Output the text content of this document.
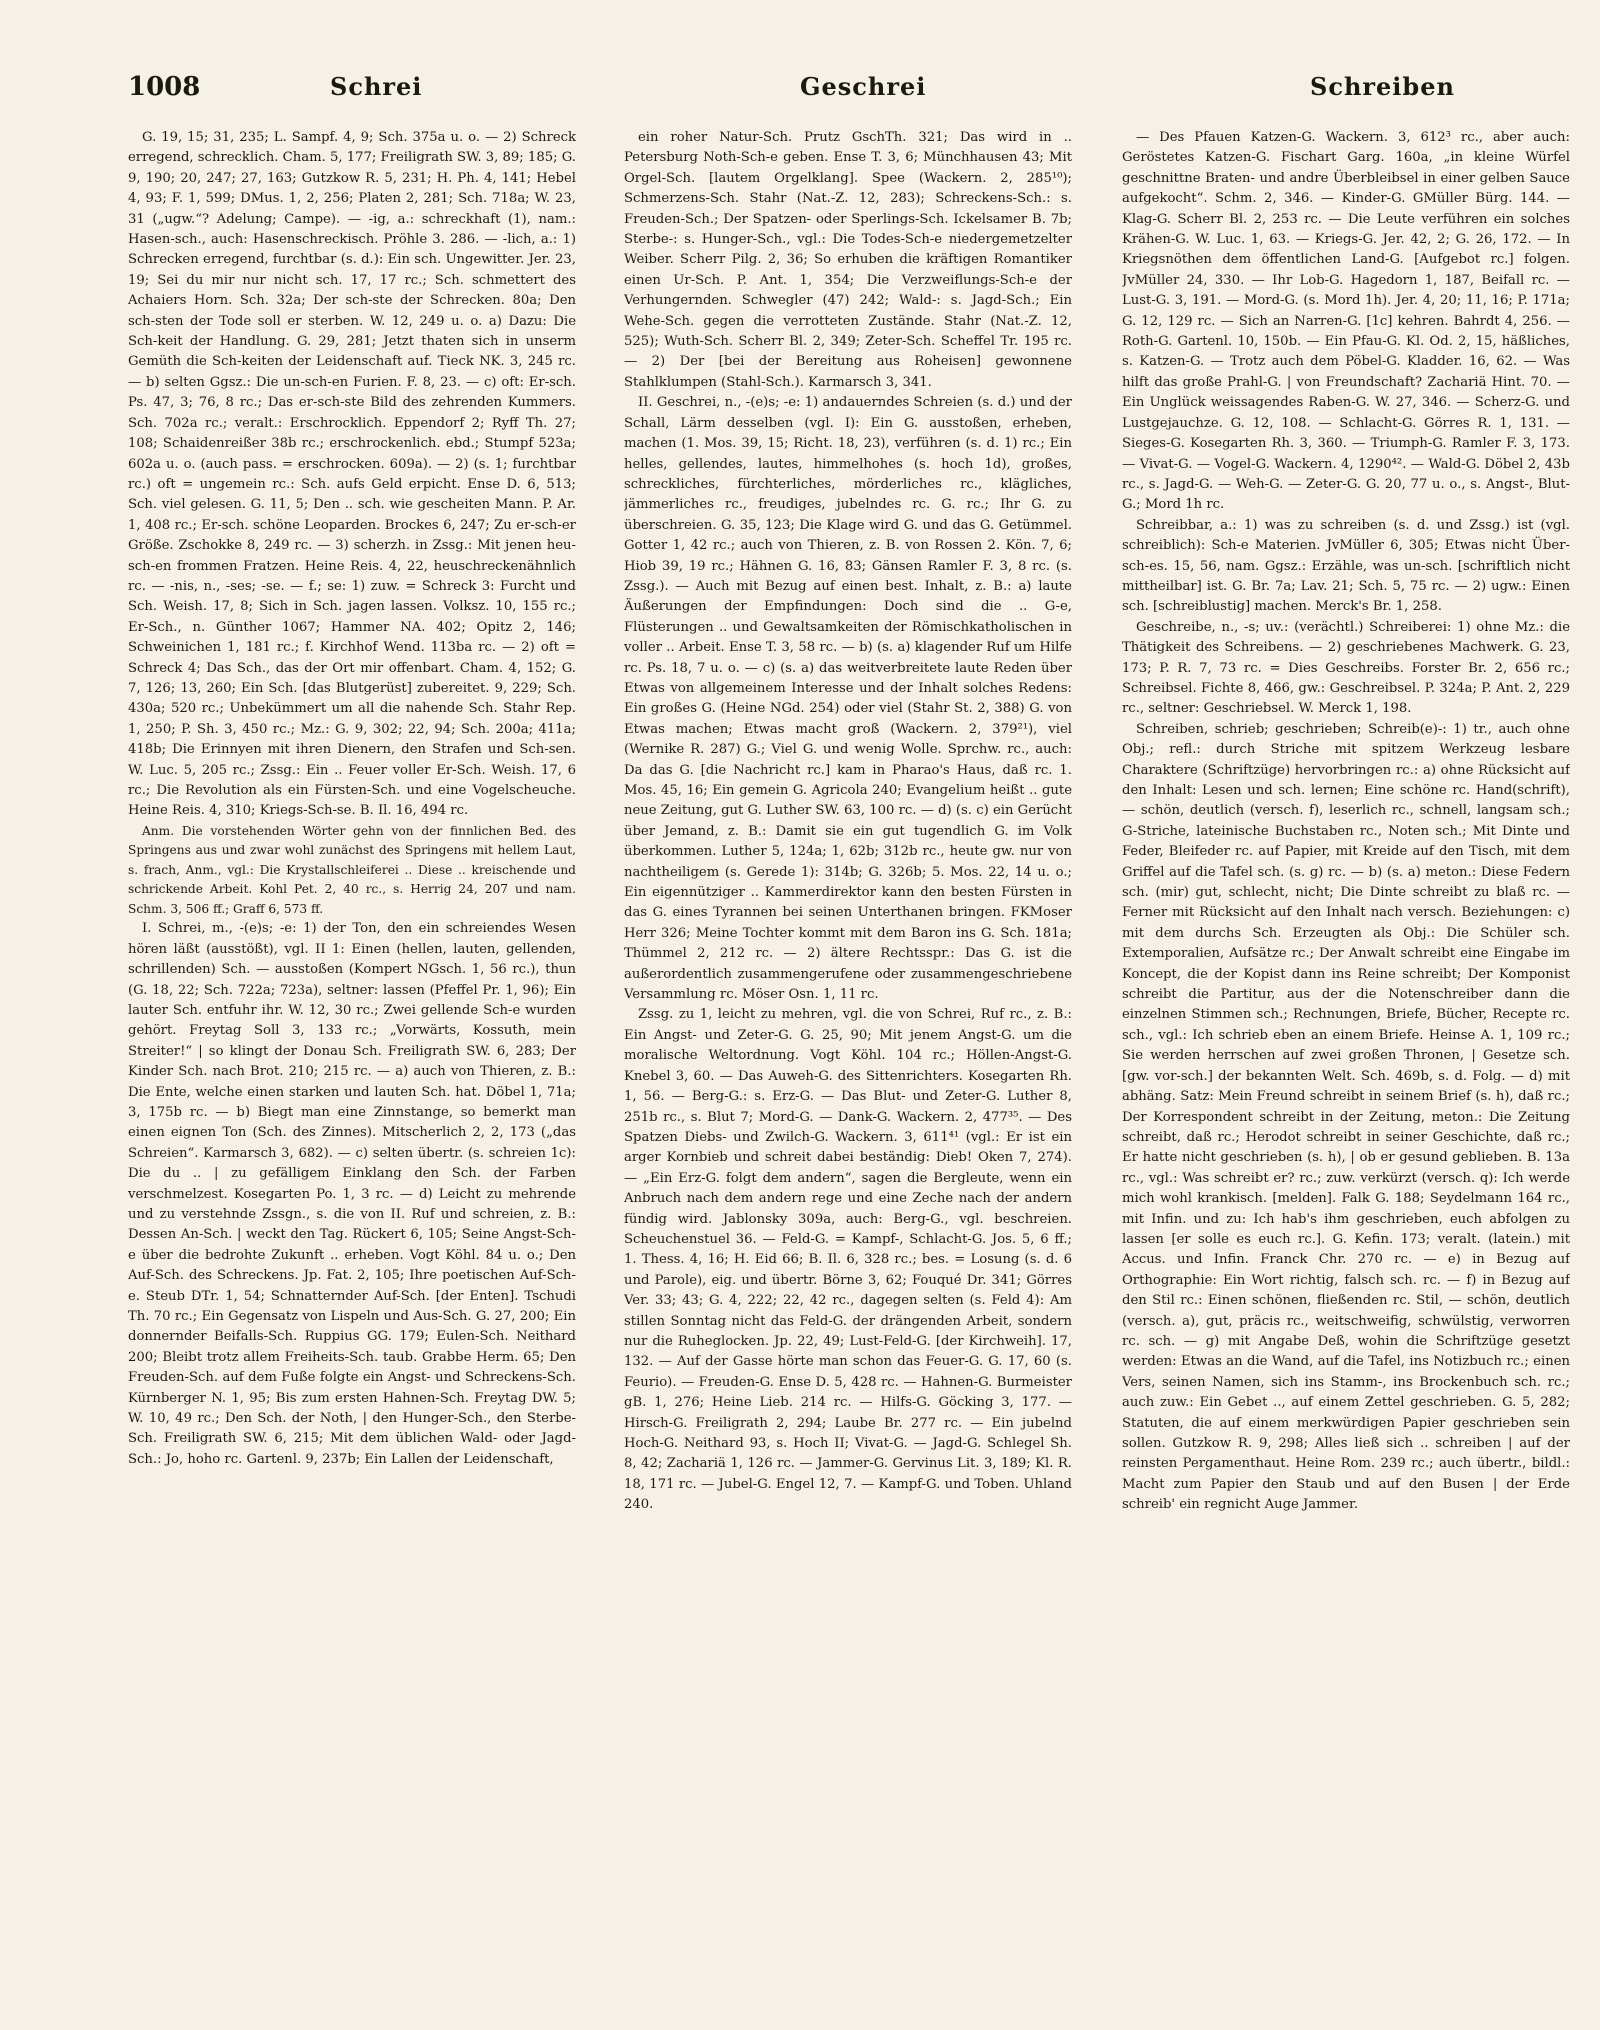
1008	Schrei	Geschrei	Schreiben

G. 19, 15; 31, 235; L. Sampf. 4, 9; Sch. 375a u. o. — 2) Schreck erregend, schrecklich. Cham. 5, 177; Freiligrath SW. 3, 89; 185; G. 9, 190; 20, 247; 27, 163; Gutzkow R. 5, 231; H. Ph. 4, 141; Hebel 4, 93; F. 1, 599; DMus. 1, 2, 256; Platen 2, 281; Sch. 718a; W. 23, 31 („ugw.“? Adelung; Campe). — -ig, a.: schreckhaft (1), nam.: Hasen-sch., auch: Hasenschreckisch. Pröhle 3. 286. — -lich, a.: 1) Schrecken erregend, furchtbar (s. d.): Ein sch. Ungewitter. Jer. 23, 19; Sei du mir nur nicht sch. 17, 17 rc.; Sch. schmettert des Achaiers Horn. Sch. 32a; Der sch-ste der Schrecken. 80a; Den sch-sten der Tode soll er sterben. W. 12, 249 u. o. a) Dazu: Die Sch-keit der Handlung. G. 29, 281; Jetzt thaten sich in unserm Gemüth die Sch-keiten der Leidenschaft auf. Tieck NK. 3, 245 rc. — b) selten Ggsz.: Die un-sch-en Furien. F. 8, 23. — c) oft: Er-sch. Ps. 47, 3; 76, 8 rc.; Das er-sch-ste Bild des zehrenden Kummers. Sch. 702a rc.; veralt.: Erschrocklich. Eppendorf 2; Ryff Th. 27; 108; Schaidenreißer 38b rc.; erschrockenlich. ebd.; Stumpf 523a; 602a u. o. (auch pass. = erschrocken. 609a). — 2) (s. 1; furchtbar rc.) oft = ungemein rc.: Sch. aufs Geld erpicht. Ense D. 6, 513; Sch. viel gelesen. G. 11, 5; Den .. sch. wie gescheiten Mann. P. Ar. 1, 408 rc.; Er-sch. schöne Leoparden. Brockes 6, 247; Zu er-sch-er Größe. Zschokke 8, 249 rc. — 3) scherzh. in Zssg.: Mit jenen heu-sch-en frommen Fratzen. Heine Reis. 4, 22, heuschreckenähnlich rc. — -nis, n., -ses; -se. — f.; se: 1) zuw. = Schreck 3: Furcht und Sch. Weish. 17, 8; Sich in Sch. jagen lassen. Volksz. 10, 155 rc.; Er-Sch., n. Günther 1067; Hammer NA. 402; Opitz 2, 146; Schweinichen 1, 181 rc.; f. Kirchhof Wend. 113ba rc. — 2) oft = Schreck 4; Das Sch., das der Ort mir offenbart. Cham. 4, 152; G. 7, 126; 13, 260; Ein Sch. [das Blutgerüst] zubereitet. 9, 229; Sch. 430a; 520 rc.; Unbekümmert um all die nahende Sch. Stahr Rep. 1, 250; P. Sh. 3, 450 rc.; Mz.: G. 9, 302; 22, 94; Sch. 200a; 411a; 418b; Die Erinnyen mit ihren Dienern, den Strafen und Sch-sen. W. Luc. 5, 205 rc.; Zssg.: Ein .. Feuer voller Er-Sch. Weish. 17, 6 rc.; Die Revolution als ein Fürsten-Sch. und eine Vogelscheuche. Heine Reis. 4, 310; Kriegs-Sch-se. B. Il. 16, 494 rc.

Anm. Die vorstehenden Wörter gehn von der finnlichen Bed. des Springens aus und zwar wohl zunächst des Springens mit hellem Laut, s. frach, Anm., vgl.: Die Krystallschleiferei .. Diese .. kreischende und schrickende Arbeit. Kohl Pet. 2, 40 rc., s. Herrig 24, 207 und nam. Schm. 3, 506 ff.; Graff 6, 573 ff.

I. Schrei, m., -(e)s; -e: 1) der Ton, den ein schreiendes Wesen hören läßt (ausstößt), vgl. II 1: Einen (hellen, lauten, gellenden, schrillenden) Sch. — ausstoßen (Kompert NGsch. 1, 56 rc.), thun (G. 18, 22; Sch. 722a; 723a), seltner: lassen (Pfeffel Pr. 1, 96); Ein lauter Sch. entfuhr ihr. W. 12, 30 rc.; Zwei gellende Sch-e wurden gehört. Freytag Soll 3, 133 rc.; „Vorwärts, Kossuth, mein Streiter!“ | so klingt der Donau Sch. Freiligrath SW. 6, 283; Der Kinder Sch. nach Brot. 210; 215 rc. — a) auch von Thieren, z. B.: Die Ente, welche einen starken und lauten Sch. hat. Döbel 1, 71a; 3, 175b rc. — b) Biegt man eine Zinnstange, so bemerkt man einen eignen Ton (Sch. des Zinnes). Mitscherlich 2, 2, 173 („das Schreien“. Karmarsch 3, 682). — c) selten übertr. (s. schreien 1c): Die du .. | zu gefälligem Einklang den Sch. der Farben verschmelzest. Kosegarten Po. 1, 3 rc. — d) Leicht zu mehrende und zu verstehnde Zssgn., s. die von II. Ruf und schreien, z. B.: Dessen An-Sch. | weckt den Tag. Rückert 6, 105; Seine Angst-Sch-e über die bedrohte Zukunft .. erheben. Vogt Köhl. 84 u. o.; Den Auf-Sch. des Schreckens. Jp. Fat. 2, 105; Ihre poetischen Auf-Sch-e. Steub DTr. 1, 54; Schnatternder Auf-Sch. [der Enten]. Tschudi Th. 70 rc.; Ein Gegensatz von Lispeln und Aus-Sch. G. 27, 200; Ein donnernder Beifalls-Sch. Ruppius GG. 179; Eulen-Sch. Neithard 200; Bleibt trotz allem Freiheits-Sch. taub. Grabbe Herm. 65; Den Freuden-Sch. auf dem Fuße folgte ein Angst- und Schreckens-Sch. Kürnberger N. 1, 95; Bis zum ersten Hahnen-Sch. Freytag DW. 5; W. 10, 49 rc.; Den Sch. der Noth, | den Hunger-Sch., den Sterbe-Sch. Freiligrath SW. 6, 215; Mit dem üblichen Wald- oder Jagd-Sch.: Jo, hoho rc. Gartenl. 9, 237b; Ein Lallen der Leidenschaft,

ein roher Natur-Sch. Prutz GschTh. 321; Das wird in .. Petersburg Noth-Sch-e geben. Ense T. 3, 6; Münchhausen 43; Mit Orgel-Sch. [lautem Orgelklang]. Spee (Wackern. 2, 285¹⁰); Schmerzens-Sch. Stahr (Nat.-Z. 12, 283); Schreckens-Sch.: s. Freuden-Sch.; Der Spatzen- oder Sperlings-Sch. Ickelsamer B. 7b; Sterbe-: s. Hunger-Sch., vgl.: Die Todes-Sch-e niedergemetzelter Weiber. Scherr Pilg. 2, 36; So erhuben die kräftigen Romantiker einen Ur-Sch. P. Ant. 1, 354; Die Verzweiflungs-Sch-e der Verhungernden. Schwegler (47) 242; Wald-: s. Jagd-Sch.; Ein Wehe-Sch. gegen die verrotteten Zustände. Stahr (Nat.-Z. 12, 525); Wuth-Sch. Scherr Bl. 2, 349; Zeter-Sch. Scheffel Tr. 195 rc. — 2) Der [bei der Bereitung aus Roheisen] gewonnene Stahlklumpen (Stahl-Sch.). Karmarsch 3, 341.

II. Geschrei, n., -(e)s; -e: 1) andauerndes Schreien (s. d.) und der Schall, Lärm desselben (vgl. I): Ein G. ausstoßen, erheben, machen (1. Mos. 39, 15; Richt. 18, 23), verführen (s. d. 1) rc.; Ein helles, gellendes, lautes, himmelhohes (s. hoch 1d), großes, schreckliches, fürchterliches, mörderliches rc., klägliches, jämmerliches rc., freudiges, jubelndes rc. G. rc.; Ihr G. zu überschreien. G. 35, 123; Die Klage wird G. und das G. Getümmel. Gotter 1, 42 rc.; auch von Thieren, z. B. von Rossen 2. Kön. 7, 6; Hiob 39, 19 rc.; Hähnen G. 16, 83; Gänsen Ramler F. 3, 8 rc. (s. Zssg.). — Auch mit Bezug auf einen best. Inhalt, z. B.: a) laute Äußerungen der Empfindungen: Doch sind die .. G-e, Flüsterungen .. und Gewaltsamkeiten der Römischkatholischen in voller .. Arbeit. Ense T. 3, 58 rc. — b) (s. a) klagender Ruf um Hilfe rc. Ps. 18, 7 u. o. — c) (s. a) das weitverbreitete laute Reden über Etwas von allgemeinem Interesse und der Inhalt solches Redens: Ein großes G. (Heine NGd. 254) oder viel (Stahr St. 2, 388) G. von Etwas machen; Etwas macht groß (Wackern. 2, 379²¹), viel (Wernike R. 287) G.; Viel G. und wenig Wolle. Sprchw. rc., auch: Da das G. [die Nachricht rc.] kam in Pharao's Haus, daß rc. 1. Mos. 45, 16; Ein gemein G. Agricola 240; Evangelium heißt .. gute neue Zeitung, gut G. Luther SW. 63, 100 rc. — d) (s. c) ein Gerücht über Jemand, z. B.: Damit sie ein gut tugendlich G. im Volk überkommen. Luther 5, 124a; 1, 62b; 312b rc., heute gw. nur von nachtheiligem (s. Gerede 1): 314b; G. 326b; 5. Mos. 22, 14 u. o.; Ein eigennütziger .. Kammerdirektor kann den besten Fürsten in das G. eines Tyrannen bei seinen Unterthanen bringen. FKMoser Herr 326; Meine Tochter kommt mit dem Baron ins G. Sch. 181a; Thümmel 2, 212 rc. — 2) ältere Rechtsspr.: Das G. ist die außerordentlich zusammengerufene oder zusammengeschriebene Versammlung rc. Möser Osn. 1, 11 rc.

Zssg. zu 1, leicht zu mehren, vgl. die von Schrei, Ruf rc., z. B.: Ein Angst- und Zeter-G. G. 25, 90; Mit jenem Angst-G. um die moralische Weltordnung. Vogt Köhl. 104 rc.; Höllen-Angst-G. Knebel 3, 60. — Das Auweh-G. des Sittenrichters. Kosegarten Rh. 1, 56. — Berg-G.: s. Erz-G. — Das Blut- und Zeter-G. Luther 8, 251b rc., s. Blut 7; Mord-G. — Dank-G. Wackern. 2, 477³⁵. — Des Spatzen Diebs- und Zwilch-G. Wackern. 3, 611⁴¹ (vgl.: Er ist ein arger Kornbieb und schreit dabei beständig: Dieb! Oken 7, 274). — „Ein Erz-G. folgt dem andern“, sagen die Bergleute, wenn ein Anbruch nach dem andern rege und eine Zeche nach der andern fündig wird. Jablonsky 309a, auch: Berg-G., vgl. beschreien. Scheuchenstuel 36. — Feld-G. = Kampf-, Schlacht-G. Jos. 5, 6 ff.; 1. Thess. 4, 16; H. Eid 66; B. Il. 6, 328 rc.; bes. = Losung (s. d. 6 und Parole), eig. und übertr. Börne 3, 62; Fouqué Dr. 341; Görres Ver. 33; 43; G. 4, 222; 22, 42 rc., dagegen selten (s. Feld 4): Am stillen Sonntag nicht das Feld-G. der drängenden Arbeit, sondern nur die Ruheglocken. Jp. 22, 49; Lust-Feld-G. [der Kirchweih]. 17, 132. — Auf der Gasse hörte man schon das Feuer-G. G. 17, 60 (s. Feurio). — Freuden-G. Ense D. 5, 428 rc. — Hahnen-G. Burmeister gB. 1, 276; Heine Lieb. 214 rc. — Hilfs-G. Göcking 3, 177. — Hirsch-G. Freiligrath 2, 294; Laube Br. 277 rc. — Ein jubelnd Hoch-G. Neithard 93, s. Hoch II; Vivat-G. — Jagd-G. Schlegel Sh. 8, 42; Zachariä 1, 126 rc. — Jammer-G. Gervinus Lit. 3, 189; Kl. R. 18, 171 rc. — Jubel-G. Engel 12, 7. — Kampf-G. und Toben. Uhland 240.

— Des Pfauen Katzen-G. Wackern. 3, 612³ rc., aber auch: Geröstetes Katzen-G. Fischart Garg. 160a, „in kleine Würfel geschnittne Braten- und andre Überbleibsel in einer gelben Sauce aufgekocht“. Schm. 2, 346. — Kinder-G. GMüller Bürg. 144. — Klag-G. Scherr Bl. 2, 253 rc. — Die Leute verführen ein solches Krähen-G. W. Luc. 1, 63. — Kriegs-G. Jer. 42, 2; G. 26, 172. — In Kriegsnöthen dem öffentlichen Land-G. [Aufgebot rc.] folgen. JvMüller 24, 330. — Ihr Lob-G. Hagedorn 1, 187, Beifall rc. — Lust-G. 3, 191. — Mord-G. (s. Mord 1h). Jer. 4, 20; 11, 16; P. 171a; G. 12, 129 rc. — Sich an Narren-G. [1c] kehren. Bahrdt 4, 256. — Roth-G. Gartenl. 10, 150b. — Ein Pfau-G. Kl. Od. 2, 15, häßliches, s. Katzen-G. — Trotz auch dem Pöbel-G. Kladder. 16, 62. — Was hilft das große Prahl-G. | von Freundschaft? Zachariä Hint. 70. — Ein Unglück weissagendes Raben-G. W. 27, 346. — Scherz-G. und Lustgejauchze. G. 12, 108. — Schlacht-G. Görres R. 1, 131. — Sieges-G. Kosegarten Rh. 3, 360. — Triumph-G. Ramler F. 3, 173. — Vivat-G. — Vogel-G. Wackern. 4, 1290⁴². — Wald-G. Döbel 2, 43b rc., s. Jagd-G. — Weh-G. — Zeter-G. G. 20, 77 u. o., s. Angst-, Blut-G.; Mord 1h rc.

Schreibbar, a.: 1) was zu schreiben (s. d. und Zssg.) ist (vgl. schreiblich): Sch-e Materien. JvMüller 6, 305; Etwas nicht Über-sch-es. 15, 56, nam. Ggsz.: Erzähle, was un-sch. [schriftlich nicht mittheilbar] ist. G. Br. 7a; Lav. 21; Sch. 5, 75 rc. — 2) ugw.: Einen sch. [schreiblustig] machen. Merck's Br. 1, 258.

Geschreibe, n., -s; uv.: (verächtl.) Schreiberei: 1) ohne Mz.: die Thätigkeit des Schreibens. — 2) geschriebenes Machwerk. G. 23, 173; P. R. 7, 73 rc. = Dies Geschreibs. Forster Br. 2, 656 rc.; Schreibsel. Fichte 8, 466, gw.: Geschreibsel. P. 324a; P. Ant. 2, 229 rc., seltner: Geschriebsel. W. Merck 1, 198.

Schreiben, schrieb; geschrieben; Schreib(e)-: 1) tr., auch ohne Obj.; refl.: durch Striche mit spitzem Werkzeug lesbare Charaktere (Schriftzüge) hervorbringen rc.: a) ohne Rücksicht auf den Inhalt: Lesen und sch. lernen; Eine schöne rc. Hand(schrift), — schön, deutlich (versch. f), leserlich rc., schnell, langsam sch.; G-Striche, lateinische Buchstaben rc., Noten sch.; Mit Dinte und Feder, Bleifeder rc. auf Papier, mit Kreide auf den Tisch, mit dem Griffel auf die Tafel sch. (s. g) rc. — b) (s. a) meton.: Diese Federn sch. (mir) gut, schlecht, nicht; Die Dinte schreibt zu blaß rc. — Ferner mit Rücksicht auf den Inhalt nach versch. Beziehungen: c) mit dem durchs Sch. Erzeugten als Obj.: Die Schüler sch. Extemporalien, Aufsätze rc.; Der Anwalt schreibt eine Eingabe im Koncept, die der Kopist dann ins Reine schreibt; Der Komponist schreibt die Partitur, aus der die Notenschreiber dann die einzelnen Stimmen sch.; Rechnungen, Briefe, Bücher, Recepte rc. sch., vgl.: Ich schrieb eben an einem Briefe. Heinse A. 1, 109 rc.; Sie werden herrschen auf zwei großen Thronen, | Gesetze sch. [gw. vor-sch.] der bekannten Welt. Sch. 469b, s. d. Folg. — d) mit abhäng. Satz: Mein Freund schreibt in seinem Brief (s. h), daß rc.; Der Korrespondent schreibt in der Zeitung, meton.: Die Zeitung schreibt, daß rc.; Herodot schreibt in seiner Geschichte, daß rc.; Er hatte nicht geschrieben (s. h), | ob er gesund geblieben. B. 13a rc., vgl.: Was schreibt er? rc.; zuw. verkürzt (versch. q): Ich werde mich wohl krankisch. [melden]. Falk G. 188; Seydelmann 164 rc., mit Infin. und zu: Ich hab's ihm geschrieben, euch abfolgen zu lassen [er solle es euch rc.]. G. Kefin. 173; veralt. (latein.) mit Accus. und Infin. Franck Chr. 270 rc. — e) in Bezug auf Orthographie: Ein Wort richtig, falsch sch. rc. — f) in Bezug auf den Stil rc.: Einen schönen, fließenden rc. Stil, — schön, deutlich (versch. a), gut, präcis rc., weitschweifig, schwülstig, verworren rc. sch. — g) mit Angabe Deß, wohin die Schriftzüge gesetzt werden: Etwas an die Wand, auf die Tafel, ins Notizbuch rc.; einen Vers, seinen Namen, sich ins Stamm-, ins Brockenbuch sch. rc.; auch zuw.: Ein Gebet .., auf einem Zettel geschrieben. G. 5, 282; Statuten, die auf einem merkwürdigen Papier geschrieben sein sollen. Gutzkow R. 9, 298; Alles ließ sich .. schreiben | auf der reinsten Pergamenthaut. Heine Rom. 239 rc.; auch übertr., bildl.: Macht zum Papier den Staub und auf den Busen | der Erde schreib' ein regnicht Auge Jammer.
